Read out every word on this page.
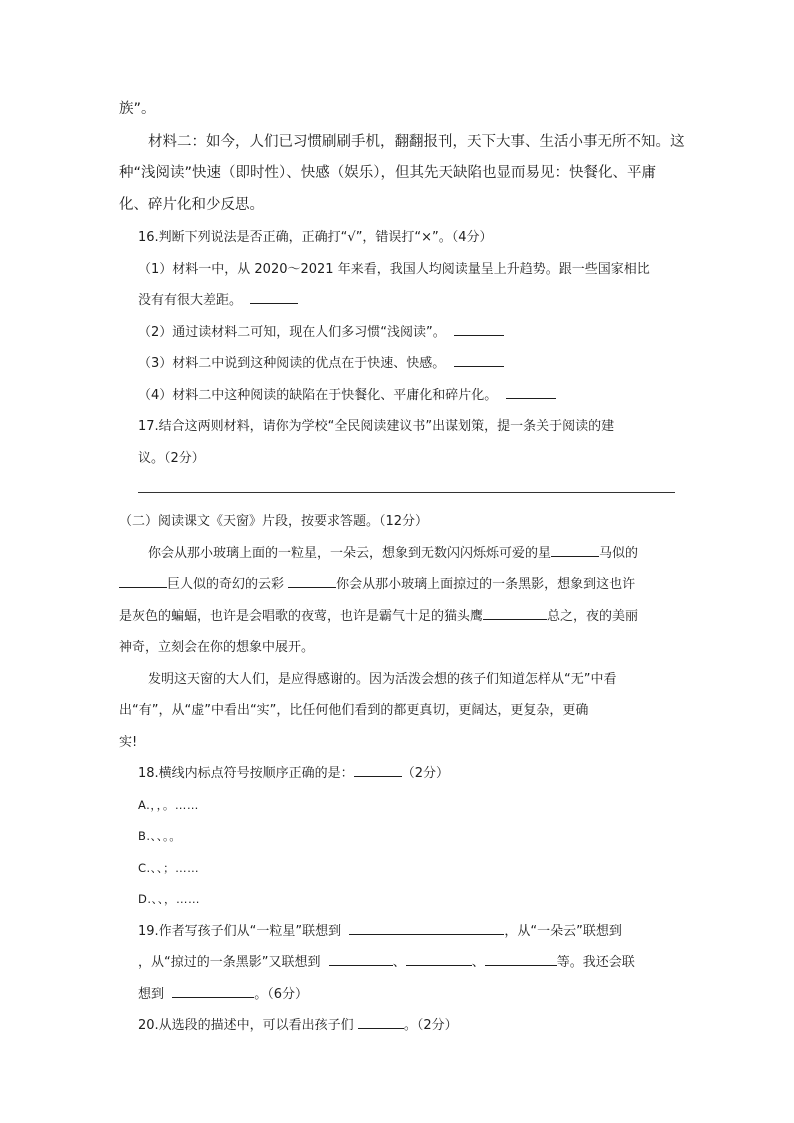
族”。

材料二：如今，人们已习惯刷刷手机，翻翻报刊，天下大事、生活小事无所不知。这

种“浅阅读”快速（即时性）、快感（娱乐），但其先天缺陷也显而易见：快餐化、平庸

化、碎片化和少反思。

16.判断下列说法是否正确，正确打“√”，错误打“×”。（4分）

（1）材料一中，从 2020～2021 年来看，我国人均阅读量呈上升趋势。跟一些国家相比

没有有很大差距。

（2）通过读材料二可知，现在人们多习惯“浅阅读”。

（3）材料二中说到这种阅读的优点在于快速、快感。

（4）材料二中这种阅读的缺陷在于快餐化、平庸化和碎片化。

17.结合这两则材料，请你为学校“全民阅读建议书”出谋划策，提一条关于阅读的建

议。（2分）

（二）阅读课文《天窗》片段，按要求答题。（12分）

你会从那小玻璃上面的一粒星，一朵云，想象到无数闪闪烁烁可爱的星	马似的

巨人似的奇幻的云彩	你会从那小玻璃上面掠过的一条黑影，想象到这也许

是灰色的蝙蝠，也许是会唱歌的夜莺，也许是霸气十足的猫头鹰	总之，夜的美丽

神奇，立刻会在你的想象中展开。

发明这天窗的大人们，是应得感谢的。因为活泼会想的孩子们知道怎样从“无”中看

出“有”，从“虚”中看出“实”，比任何他们看到的都更真切，更阔达，更复杂，更确

实!

18.横线内标点符号按顺序正确的是：	（2分）

A.，，。……

B.、、。。

C.、、；……

D.、、，……

19.作者写孩子们从“一粒星”联想到	，从“一朵云”联想到

，从“掠过的一条黑影”又联想到	、	、	等。我还会联

想到	。（6分）

20.从选段的描述中，可以看出孩子们	。（2分）
